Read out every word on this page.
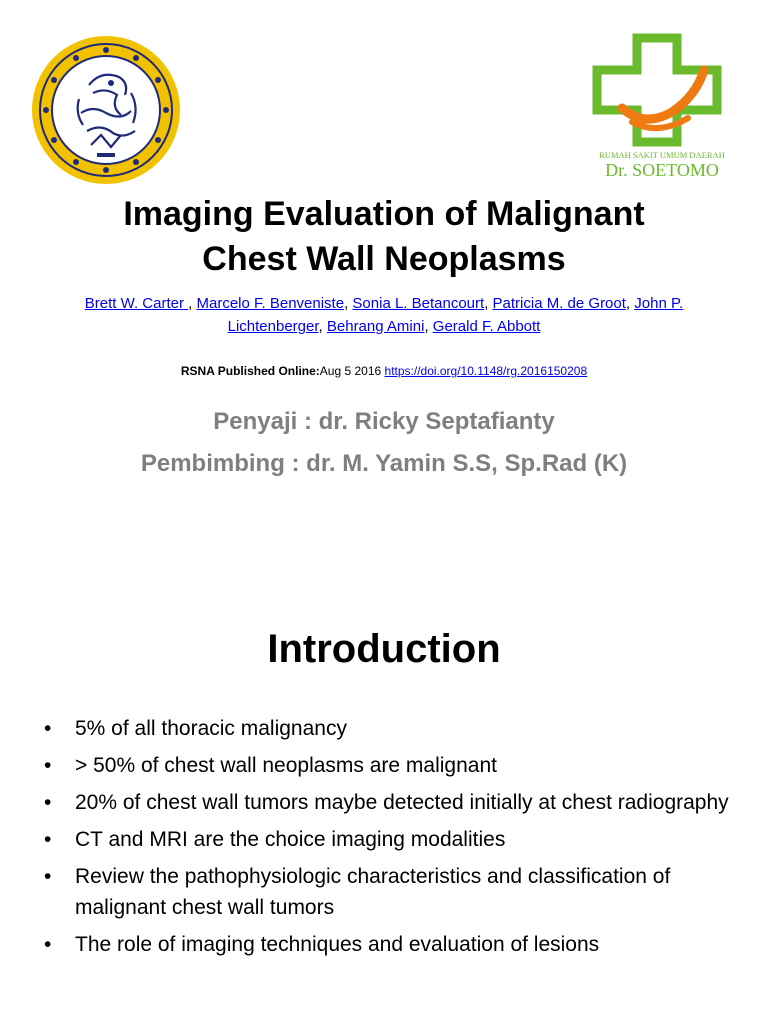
RUMAH SAKIT UMUM DAERAH
Dr. SOETOMO
Imaging Evaluation of Malignant
Chest Wall Neoplasms
Brett W. Carter , Marcelo F. Benveniste, Sonia L. Betancourt, Patricia M. de Groot, John P. Lichtenberger, Behrang Amini, Gerald F. Abbott
RSNA Published Online:Aug 5 2016 https://doi.org/10.1148/rg.2016150208
Penyaji : dr. Ricky Septafianty
Pembimbing : dr. M. Yamin S.S, Sp.Rad (K)
Introduction
• 5% of all thoracic malignancy
• > 50% of chest wall neoplasms are malignant
• 20% of chest wall tumors maybe detected initially at chest radiography
• CT and MRI are the choice imaging modalities
• Review the pathophysiologic characteristics and classification of malignant chest wall tumors
• The role of imaging techniques and evaluation of lesions
